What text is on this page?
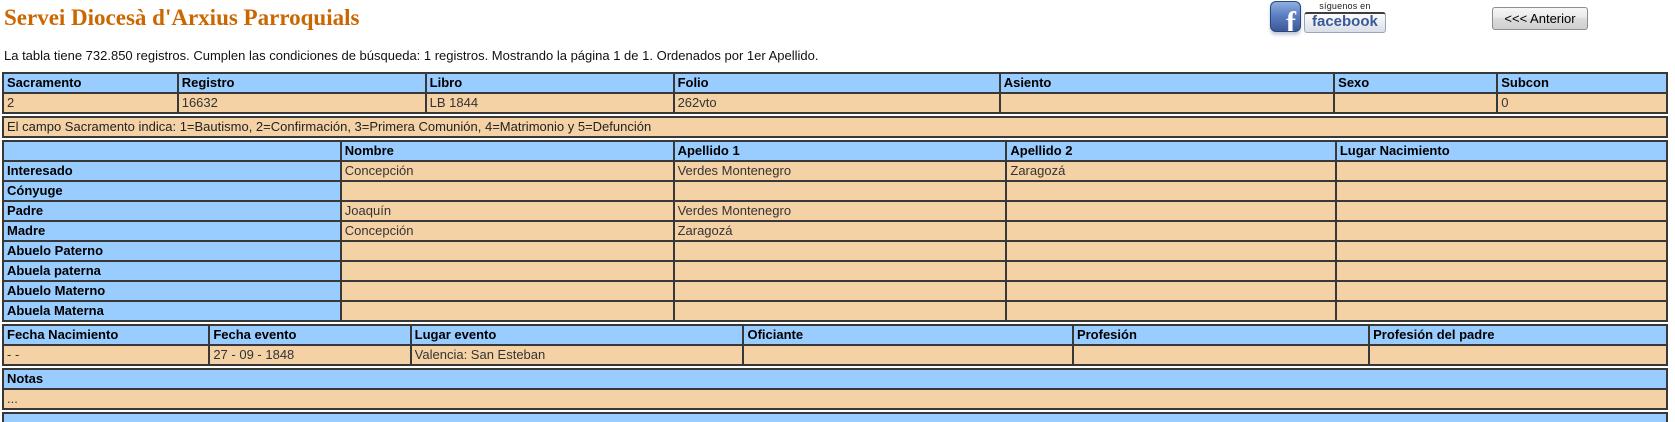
Servei Diocesà d'Arxius Parroquials	f	síguenos en
facebook	<<< Anterior

La tabla tiene 732.850 registros. Cumplen las condiciones de búsqueda: 1 registros. Mostrando la página 1 de 1. Ordenados por 1er Apellido.

Sacramento	Registro	Libro	Folio	Asiento	Sexo	Subcon
2	16632	LB 1844	262vto			0
El campo Sacramento indica: 1=Bautismo, 2=Confirmación, 3=Primera Comunión, 4=Matrimonio y 5=Defunción
	Nombre	Apellido 1	Apellido 2	Lugar Nacimiento
Interesado	Concepción	Verdes Montenegro	Zaragozá	
Cónyuge				
Padre	Joaquín	Verdes Montenegro		
Madre	Concepción	Zaragozá		
Abuelo Paterno				
Abuela paterna				
Abuelo Materno				
Abuela Materna				
Fecha Nacimiento	Fecha evento	Lugar evento	Oficiante	Profesión	Profesión del padre
- -	27 - 09 - 1848	Valencia: San Esteban			
Notas
...
